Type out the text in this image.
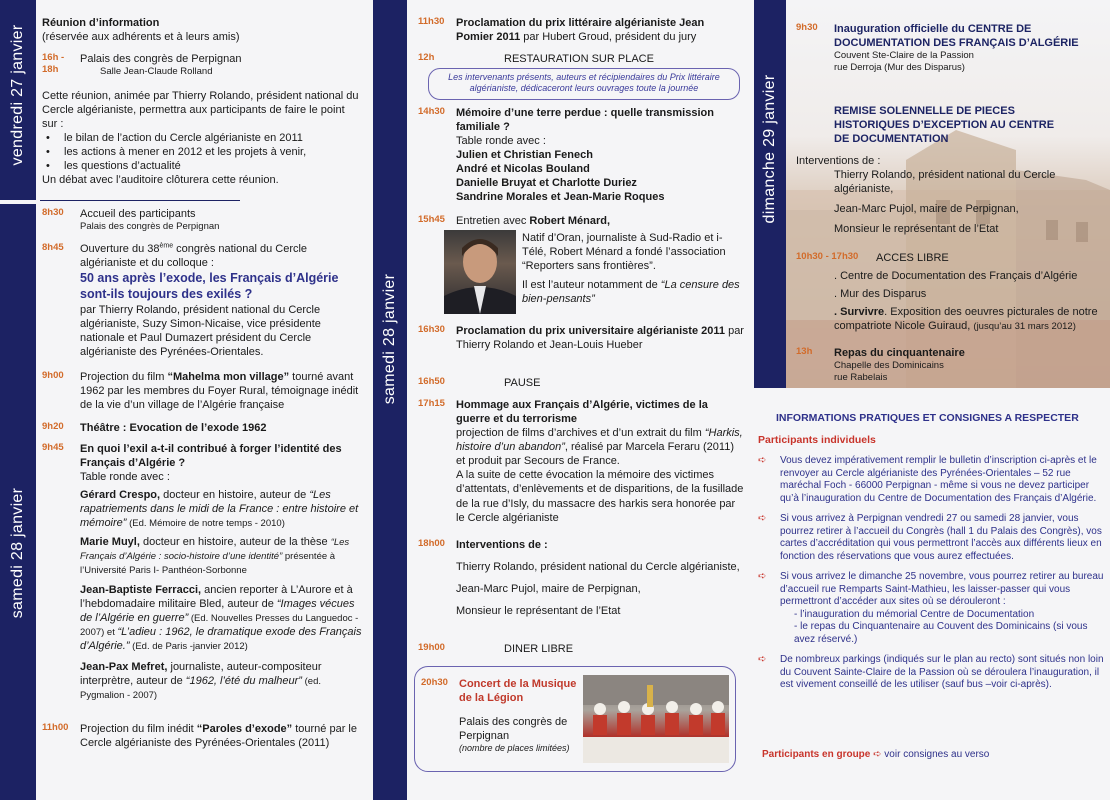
vendredi 27 janvier
samedi 28 janvier
samedi 28 janvier
dimanche 29 janvier
Réunion d’information
(réservée aux adhérents et à leurs amis)
16h - 18h
Palais des congrès de Perpignan
Salle Jean-Claude Rolland
Cette réunion, animée par Thierry Rolando, président national du Cercle algérianiste, permettra aux participants de faire le point sur :
• le bilan de l’action du Cercle algérianiste en 2011
• les actions à mener en 2012 et les projets à venir,
• les questions d’actualité
Un débat avec l’auditoire clôturera cette réunion.
8h30	Accueil des participants
Palais des congrès de Perpignan
8h45	Ouverture du 38ème congrès national du Cercle algérianiste et du colloque :
50 ans après l’exode, les Français d’Algérie sont-ils toujours des exilés ?
par Thierry Rolando, président national du Cercle algérianiste, Suzy Simon-Nicaise, vice présidente nationale et Paul Dumazert président du Cercle algérianiste des Pyrénées-Orientales.
9h00	Projection du film “Mahelma mon village” tourné avant 1962 par les membres du Foyer Rural, témoignage inédit de la vie d’un village de l’Algérie française
9h20	Théâtre : Evocation de l’exode 1962
9h45	En quoi l’exil a-t-il contribué à forger l’identité des Français d’Algérie ?
Table ronde avec :
Gérard Crespo, docteur en histoire, auteur de “Les rapatriements dans le midi de la France : entre histoire et mémoire” (Ed. Mémoire de notre temps - 2010)
Marie Muyl, docteur en histoire, auteur de la thèse “Les Français d’Algérie : socio-histoire d’une identité” présentée à l’Université Paris I- Panthéon-Sorbonne
Jean-Baptiste Ferracci, ancien reporter à L’Aurore et à l’hebdomadaire militaire Bled, auteur de “Images vécues de l’Algérie en guerre” (Ed. Nouvelles Presses du Languedoc - 2007) et “L’adieu : 1962, le dramatique exode des Français d’Algérie.” (Ed. de Paris -janvier 2012)
Jean-Pax Mefret, journaliste, auteur-compositeur interprètre, auteur de “1962, l’été du malheur” (ed. Pygmalion - 2007)
11h00	Projection du film inédit “Paroles d’exode” tourné par le Cercle algérianiste des Pyrénées-Orientales (2011)
11h30	Proclamation du prix littéraire algérianiste Jean Pomier 2011 par Hubert Groud, président du jury
12h	RESTAURATION SUR PLACE
Les intervenants présents, auteurs et récipiendaires du Prix littéraire algérianiste, dédicaceront leurs ouvrages toute la journée
14h30	Mémoire d’une terre perdue : quelle transmission familiale ?
Table ronde avec :
Julien et Christian Fenech
André et Nicolas Bouland
Danielle Bruyat et Charlotte Duriez
Sandrine Morales et Jean-Marie Roques
15h45	Entretien avec Robert Ménard,
Natif d’Oran, journaliste à Sud-Radio et i-Télé, Robert Ménard a fondé l’association “Reporters sans frontières”.
Il est l’auteur notamment de “La censure des bien-pensants”
16h30	Proclamation du prix universitaire algérianiste 2011 par Thierry Rolando et Jean-Louis Hueber
16h50	PAUSE
17h15	Hommage aux Français d’Algérie, victimes de la guerre et du terrorisme
projection de films d’archives et d’un extrait du film “Harkis, histoire d’un abandon”, réalisé par Marcela Feraru (2011) et produit par Secours de France.
A la suite de cette évocation la mémoire des victimes d’attentats, d’enlèvements et de disparitions, de la fusillade de la rue d’Isly, du massacre des harkis sera honorée par le Cercle algérianiste
18h00	Interventions de :
Thierry Rolando, président national du Cercle algérianiste,
Jean-Marc Pujol, maire de Perpignan,
Monsieur le représentant de l’Etat
19h00	DINER LIBRE
20h30	Concert de la Musique de la Légion
Palais des congrès de Perpignan
(nombre de places limitées)
9h30	Inauguration officielle du CENTRE DE DOCUMENTATION DES FRANÇAIS D’ALGÉRIE
Couvent Ste-Claire de la Passion
rue Derroja (Mur des Disparus)
REMISE SOLENNELLE DE PIECES HISTORIQUES D’EXCEPTION AU CENTRE DE DOCUMENTATION
Interventions de :
Thierry Rolando, président national du Cercle algérianiste,
Jean-Marc Pujol, maire de Perpignan,
Monsieur le représentant de l’Etat
10h30 - 17h30 ACCES LIBRE
. Centre de Documentation des Français d’Algérie
. Mur des Disparus
. Survivre. Exposition des oeuvres picturales de notre compatriote Nicole Guiraud, (jusqu’au 31 mars 2012)
13h	Repas du cinquantenaire
Chapelle des Dominicains
rue Rabelais
INFORMATIONS PRATIQUES ET CONSIGNES A RESPECTER
Participants individuels
➪	Vous devez impérativement remplir le bulletin d’inscription ci-après et le renvoyer au Cercle algérianiste des Pyrénées-Orientales – 52 rue maréchal Foch - 66000 Perpignan - même si vous ne devez participer qu’à l’inauguration du Centre de Documentation des Français d’Algérie.
➪	Si vous arrivez à Perpignan vendredi 27 ou samedi 28 janvier, vous pourrez retirer à l’accueil du Congrès (hall 1 du Palais des Congrès), vos cartes d’accréditation qui vous permettront l’accès aux différents lieux en fonction des réservations que vous aurez effectuées.
➪	Si vous arrivez le dimanche 25 novembre, vous pourrez retirer au bureau d’accueil rue Remparts Saint-Mathieu, les laisser-passer qui vous permettront d’accéder aux sites où se dérouleront :
- l’inauguration du mémorial Centre de Documentation
- le repas du Cinquantenaire au Couvent des Dominicains (si vous avez réservé.)
➪	De nombreux parkings (indiqués sur le plan au recto) sont situés non loin du Couvent Sainte-Claire de la Passion où se déroulera l’inauguration, il est vivement conseillé de les utiliser (sauf bus –voir ci-après).
Participants en groupe ➪ voir consignes au verso
